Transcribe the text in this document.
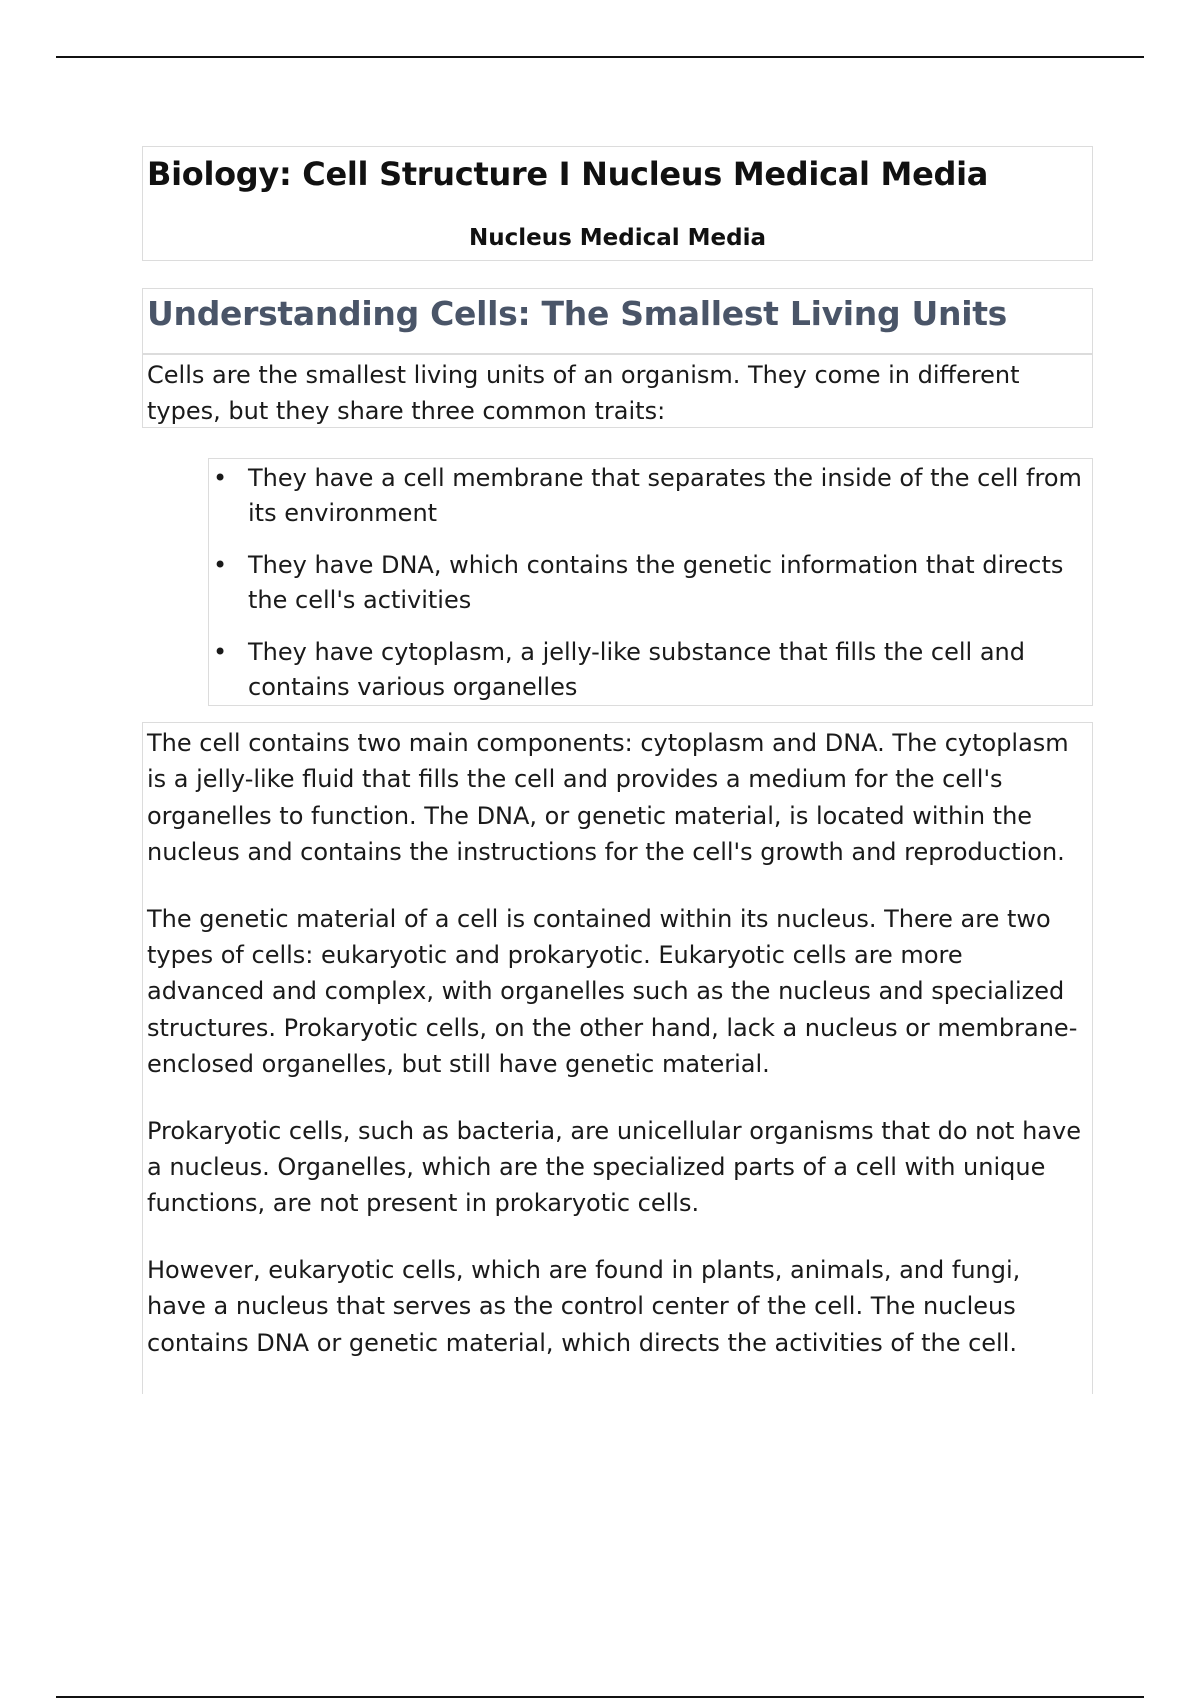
Biology: Cell Structure I Nucleus Medical Media

Nucleus Medical Media

Understanding Cells: The Smallest Living Units

Cells are the smallest living units of an organism. They come in different types, but they share three common traits:

• They have a cell membrane that separates the inside of the cell from its environment
• They have DNA, which contains the genetic information that directs the cell's activities
• They have cytoplasm, a jelly-like substance that fills the cell and contains various organelles

The cell contains two main components: cytoplasm and DNA. The cytoplasm is a jelly-like fluid that fills the cell and provides a medium for the cell's organelles to function. The DNA, or genetic material, is located within the nucleus and contains the instructions for the cell's growth and reproduction.

The genetic material of a cell is contained within its nucleus. There are two types of cells: eukaryotic and prokaryotic. Eukaryotic cells are more advanced and complex, with organelles such as the nucleus and specialized structures. Prokaryotic cells, on the other hand, lack a nucleus or membrane-enclosed organelles, but still have genetic material.

Prokaryotic cells, such as bacteria, are unicellular organisms that do not have a nucleus. Organelles, which are the specialized parts of a cell with unique functions, are not present in prokaryotic cells.

However, eukaryotic cells, which are found in plants, animals, and fungi, have a nucleus that serves as the control center of the cell. The nucleus contains DNA or genetic material, which directs the activities of the cell.
